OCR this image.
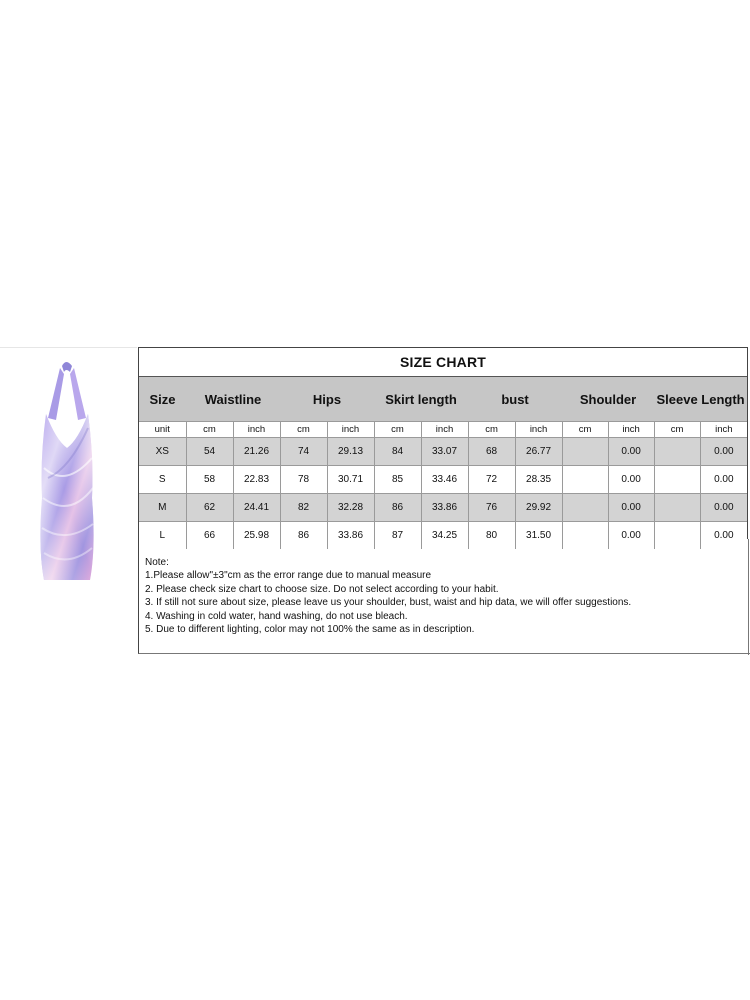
SIZE CHART
Size	Waistline		Hips		Skirt length		bust		Shoulder		Sleeve Length	
unit	cm	inch	cm	inch	cm	inch	cm	inch	cm	inch	cm	inch
XS	54	21.26	74	29.13	84	33.07	68	26.77		0.00		0.00
S	58	22.83	78	30.71	85	33.46	72	28.35		0.00		0.00
M	62	24.41	82	32.28	86	33.86	76	29.92		0.00		0.00
L	66	25.98	86	33.86	87	34.25	80	31.50		0.00		0.00
Note:
1.Please allow"±3"cm as the error range due to manual measure
2. Please check size chart to choose size. Do not select according to your habit.
3. If still not sure about size, please leave us your shoulder, bust, waist and hip data, we will offer suggestions.
4. Washing in cold water, hand washing, do not use bleach.
5. Due to different lighting, color may not 100% the same as in description.
